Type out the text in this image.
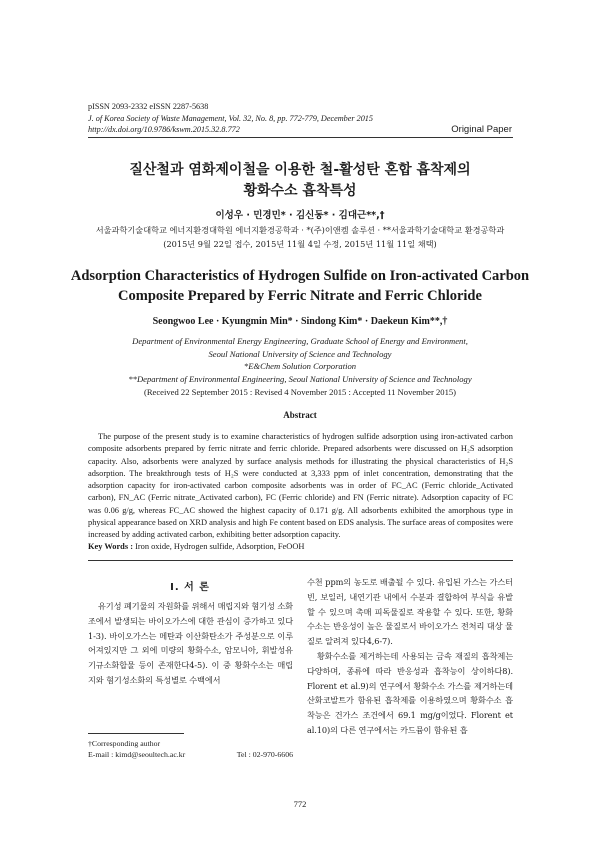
pISSN 2093-2332 eISSN 2287-5638
J. of Korea Society of Waste Management, Vol. 32, No. 8, pp. 772-779, December 2015
http://dx.doi.org/10.9786/kswm.2015.32.8.772	Original Paper
질산철과 염화제이철을 이용한 철-활성탄 혼합 흡착제의
황화수소 흡착특성
이성우 · 민경민* · 김신동* · 김대근**,†
서울과학기술대학교 에너지환경대학원 에너지환경공학과 · *(주)이앤켐 솔루션 · **서울과학기술대학교 환경공학과
(2015년 9월 22일 접수, 2015년 11월 4일 수정, 2015년 11월 11일 채택)
Adsorption Characteristics of Hydrogen Sulfide on Iron-activated Carbon
Composite Prepared by Ferric Nitrate and Ferric Chloride
Seongwoo Lee · Kyungmin Min* · Sindong Kim* · Daekeun Kim**,†
Department of Environmental Energy Engineering, Graduate School of Energy and Environment,
Seoul National University of Science and Technology
*E&Chem Solution Corporation
**Department of Environmental Engineering, Seoul National University of Science and Technology
(Received 22 September 2015 : Revised 4 November 2015 : Accepted 11 November 2015)
Abstract

The purpose of the present study is to examine characteristics of hydrogen sulfide adsorption using iron-activated carbon composite adsorbents prepared by ferric nitrate and ferric chloride. Prepared adsorbents were discussed on H₂S adsorption capacity. Also, adsorbents were analyzed by surface analysis methods for illustrating the physical characteristics of H₂S adsorption. The breakthrough tests of H₂S were conducted at 3,333 ppm of inlet concentration, demonstrating that the adsorption capacity for iron-activated carbon composite adsorbents was in order of FC_AC (Ferric chloride_Activated carbon), FN_AC (Ferric nitrate_Activated carbon), FC (Ferric chloride) and FN (Ferric nitrate). Adsorption capacity of FC was 0.06 g/g, whereas FC_AC showed the highest capacity of 0.171 g/g. All adsorbents exhibited the amorphous type in physical appearance based on XRD analysis and high Fe content based on EDS analysis. The surface areas of composites were increased by adding activated carbon, exhibiting better adsorption capacity.

Key Words : Iron oxide, Hydrogen sulfide, Adsorption, FeOOH
I. 서 론

유기성 폐기물의 자원화를 위해서 매립지와 혐기성 소화조에서 발생되는 바이오가스에 대한 관심이 증가하고 있다1-3). 바이오가스는 메탄과 이산화탄소가 주성분으로 이루어져있지만 그 외에 미량의 황화수소, 암모니아, 휘발성유기규소화합물 등이 존재한다4-5). 이 중 황화수소는 매립지와 혐기성소화의 특성별로 수백에서

수천 ppm의 농도로 배출될 수 있다. 유입된 가스는 가스터빈, 보일러, 내연기관 내에서 수분과 결합하여 부식을 유발할 수 있으며 촉매 피독물질로 작용할 수 있다. 또한, 황화수소는 반응성이 높은 물질로서 바이오가스 전처리 대상 물질로 알려져 있다4,6-7).

황화수소를 제거하는데 사용되는 금속 재질의 흡착제는 다양하며, 종류에 따라 반응성과 흡착능이 상이하다8). Florent et al.9)의 연구에서 황화수소 가스를 제거하는데 산화코발트가 함유된 흡착제를 이용하였으며 황화수소 흡착능은 건가스 조건에서 69.1 mg/g이었다. Florent et al.10)의 다른 연구에서는 카드뮴이 함유된 흡

†Corresponding author
E-mail : kimd@seoultech.ac.kr	Tel : 02-970-6606
772
